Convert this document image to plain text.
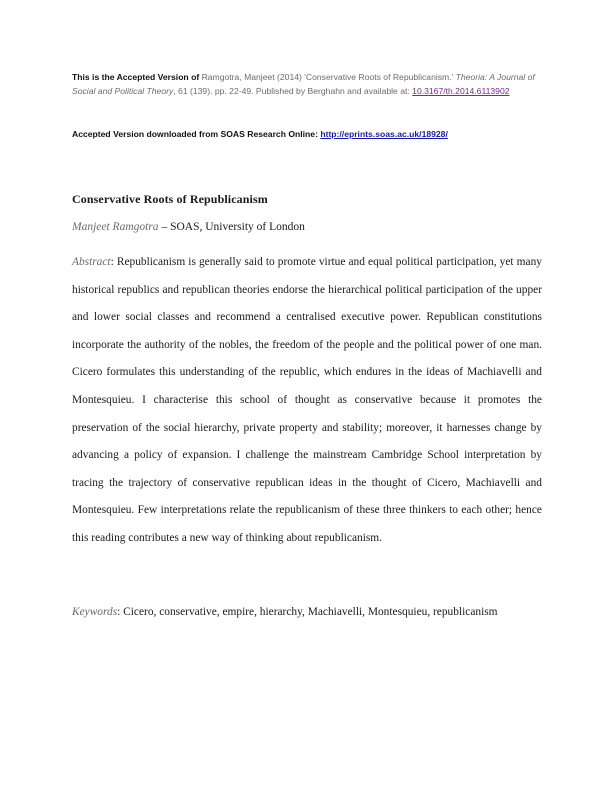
This is the Accepted Version of Ramgotra, Manjeet (2014) 'Conservative Roots of Republicanism.' Theoria: A Journal of Social and Political Theory, 61 (139). pp. 22-49. Published by Berghahn and available at: 10.3167/th.2014.6113902
Accepted Version downloaded from SOAS Research Online: http://eprints.soas.ac.uk/18928/
Conservative Roots of Republicanism
Manjeet Ramgotra – SOAS, University of London
Abstract: Republicanism is generally said to promote virtue and equal political participation, yet many historical republics and republican theories endorse the hierarchical political participation of the upper and lower social classes and recommend a centralised executive power. Republican constitutions incorporate the authority of the nobles, the freedom of the people and the political power of one man. Cicero formulates this understanding of the republic, which endures in the ideas of Machiavelli and Montesquieu. I characterise this school of thought as conservative because it promotes the preservation of the social hierarchy, private property and stability; moreover, it harnesses change by advancing a policy of expansion. I challenge the mainstream Cambridge School interpretation by tracing the trajectory of conservative republican ideas in the thought of Cicero, Machiavelli and Montesquieu. Few interpretations relate the republicanism of these three thinkers to each other; hence this reading contributes a new way of thinking about republicanism.
Keywords: Cicero, conservative, empire, hierarchy, Machiavelli, Montesquieu, republicanism
